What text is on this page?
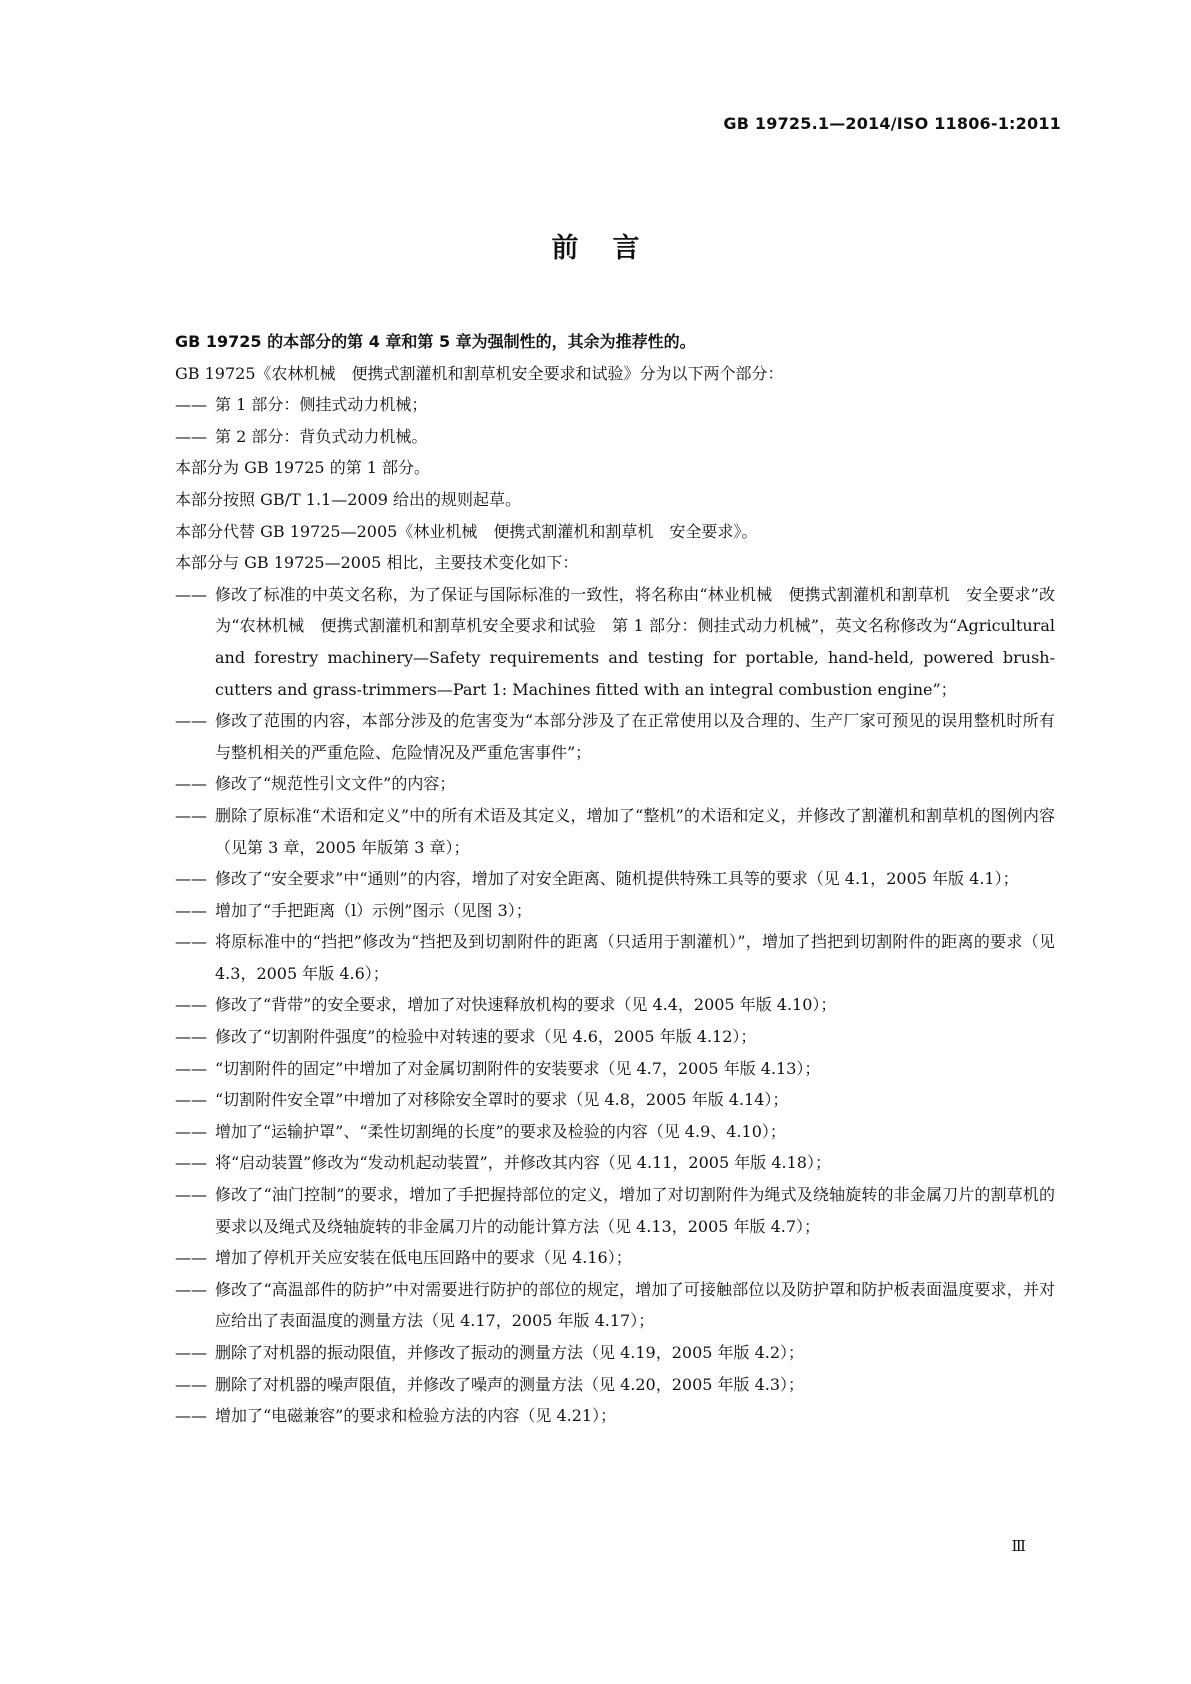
GB 19725.1—2014/ISO 11806-1:2011
前言

GB 19725 的本部分的第 4 章和第 5 章为强制性的，其余为推荐性的。

GB 19725《农林机械　便携式割灌机和割草机安全要求和试验》分为以下两个部分：

—— 第 1 部分：侧挂式动力机械；

—— 第 2 部分：背负式动力机械。

本部分为 GB 19725 的第 1 部分。

本部分按照 GB/T 1.1—2009 给出的规则起草。

本部分代替 GB 19725—2005《林业机械　便携式割灌机和割草机　安全要求》。

本部分与 GB 19725—2005 相比，主要技术变化如下：

—— 修改了标准的中英文名称，为了保证与国际标准的一致性，将名称由“林业机械　便携式割灌机和割草机　安全要求”改为“农林机械　便携式割灌机和割草机安全要求和试验　第 1 部分：侧挂式动力机械”，英文名称修改为“Agricultural and forestry machinery—Safety requirements and testing for portable, hand-held, powered brush-cutters and grass-trimmers—Part 1: Machines fitted with an integral combustion engine”；

—— 修改了范围的内容，本部分涉及的危害变为“本部分涉及了在正常使用以及合理的、生产厂家可预见的误用整机时所有与整机相关的严重危险、危险情况及严重危害事件”；

—— 修改了“规范性引文文件”的内容；

—— 删除了原标准“术语和定义”中的所有术语及其定义，增加了“整机”的术语和定义，并修改了割灌机和割草机的图例内容（见第 3 章，2005 年版第 3 章）；

—— 修改了“安全要求”中“通则”的内容，增加了对安全距离、随机提供特殊工具等的要求（见 4.1，2005 年版 4.1）；

—— 增加了“手把距离（l）示例”图示（见图 3）；

—— 将原标准中的“挡把”修改为“挡把及到切割附件的距离（只适用于割灌机）”，增加了挡把到切割附件的距离的要求（见 4.3，2005 年版 4.6）；

—— 修改了“背带”的安全要求，增加了对快速释放机构的要求（见 4.4，2005 年版 4.10）；

—— 修改了“切割附件强度”的检验中对转速的要求（见 4.6，2005 年版 4.12）；

—— “切割附件的固定”中增加了对金属切割附件的安装要求（见 4.7，2005 年版 4.13）；

—— “切割附件安全罩”中增加了对移除安全罩时的要求（见 4.8，2005 年版 4.14）；

—— 增加了“运输护罩”、“柔性切割绳的长度”的要求及检验的内容（见 4.9、4.10）；

—— 将“启动装置”修改为“发动机起动装置”，并修改其内容（见 4.11，2005 年版 4.18）；

—— 修改了“油门控制”的要求，增加了手把握持部位的定义，增加了对切割附件为绳式及绕轴旋转的非金属刀片的割草机的要求以及绳式及绕轴旋转的非金属刀片的动能计算方法（见 4.13，2005 年版 4.7）；

—— 增加了停机开关应安装在低电压回路中的要求（见 4.16）；

—— 修改了“高温部件的防护”中对需要进行防护的部位的规定，增加了可接触部位以及防护罩和防护板表面温度要求，并对应给出了表面温度的测量方法（见 4.17，2005 年版 4.17）；

—— 删除了对机器的振动限值，并修改了振动的测量方法（见 4.19，2005 年版 4.2）；

—— 删除了对机器的噪声限值，并修改了噪声的测量方法（见 4.20，2005 年版 4.3）；

—— 增加了“电磁兼容”的要求和检验方法的内容（见 4.21）；

Ⅲ
